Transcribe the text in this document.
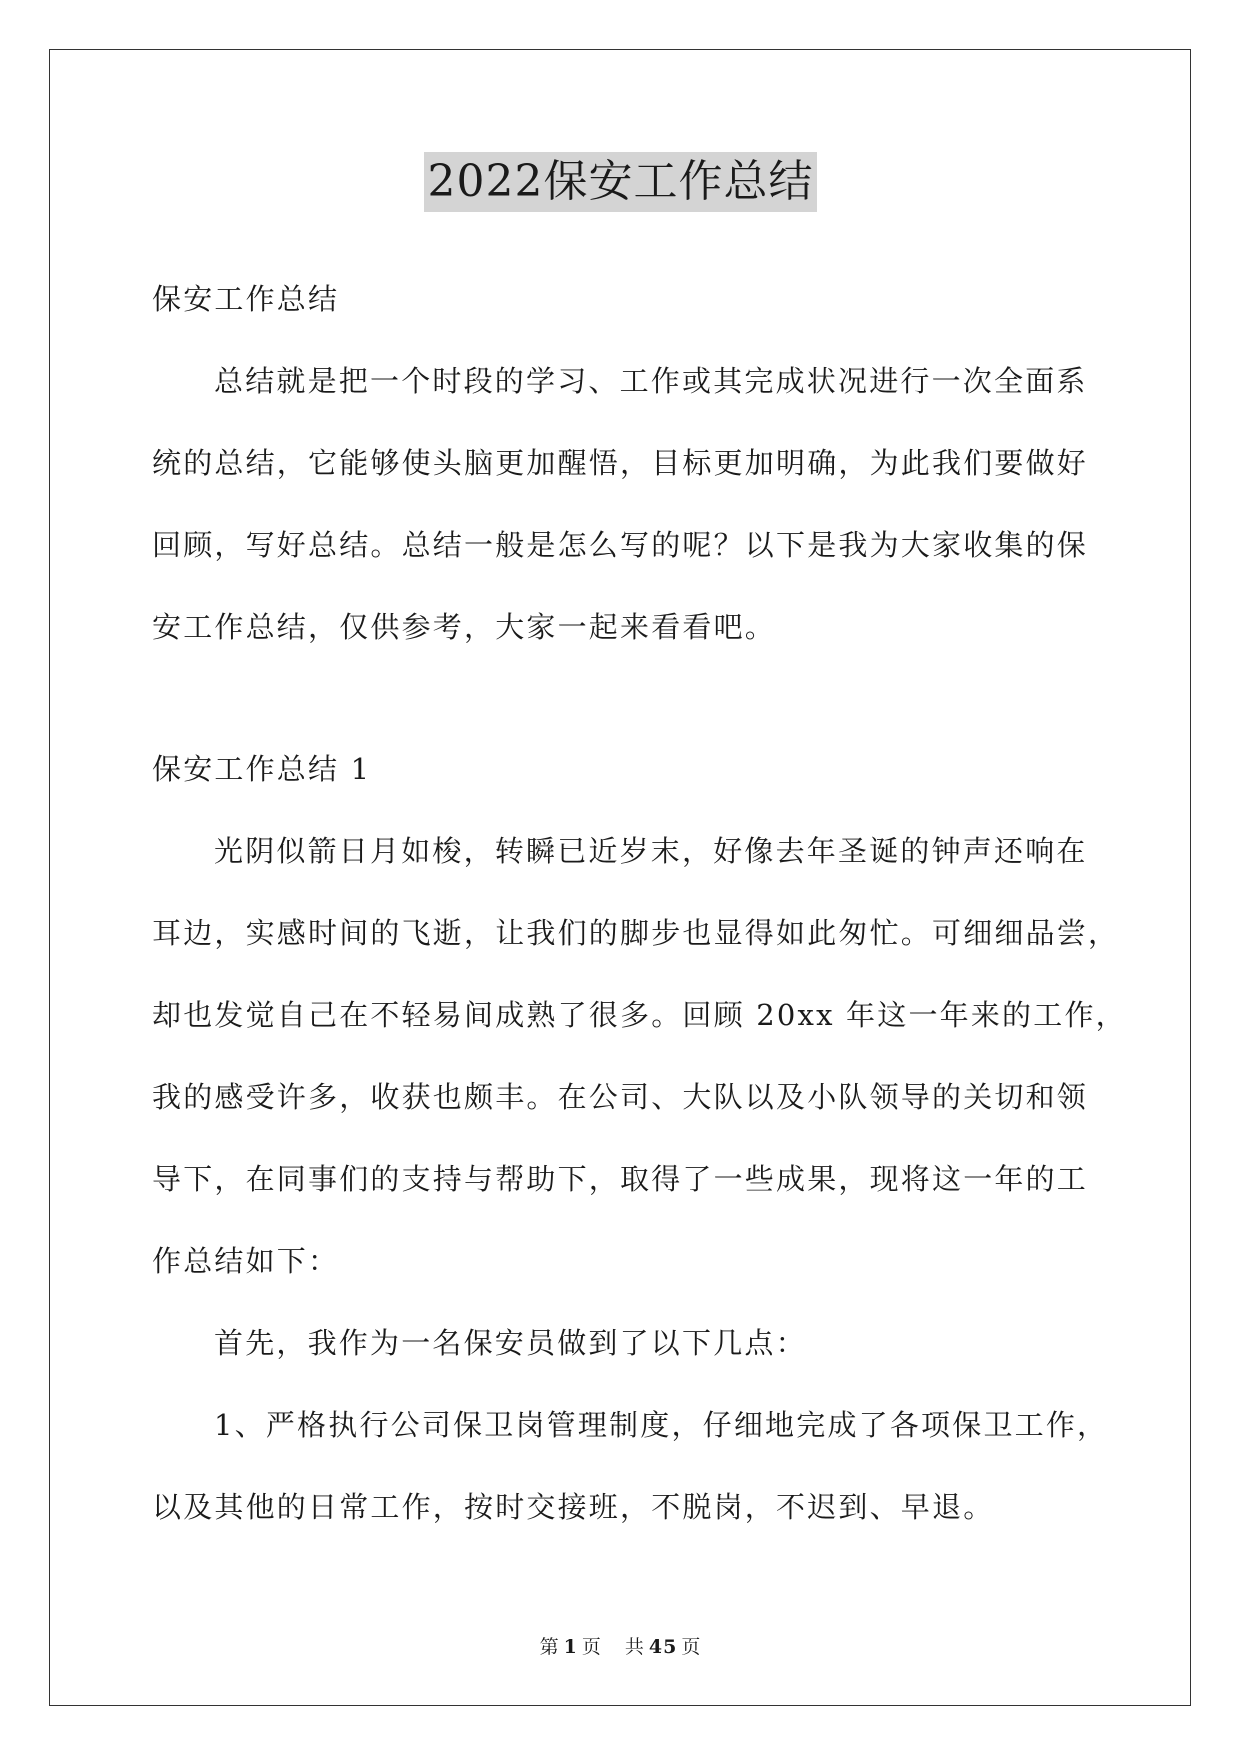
2022保安工作总结
保安工作总结
总结就是把一个时段的学习、工作或其完成状况进行一次全面系
统的总结，它能够使头脑更加醒悟，目标更加明确，为此我们要做好
回顾，写好总结。总结一般是怎么写的呢？以下是我为大家收集的保
安工作总结，仅供参考，大家一起来看看吧。
保安工作总结 1
光阴似箭日月如梭，转瞬已近岁末，好像去年圣诞的钟声还响在
耳边，实感时间的飞逝，让我们的脚步也显得如此匆忙。可细细品尝，
却也发觉自己在不轻易间成熟了很多。回顾 20xx 年这一年来的工作，
我的感受许多，收获也颇丰。在公司、大队以及小队领导的关切和领
导下，在同事们的支持与帮助下，取得了一些成果，现将这一年的工
作总结如下：
首先，我作为一名保安员做到了以下几点：
1、严格执行公司保卫岗管理制度，仔细地完成了各项保卫工作，
以及其他的日常工作，按时交接班，不脱岗，不迟到、早退。
第 1 页 共 45 页
